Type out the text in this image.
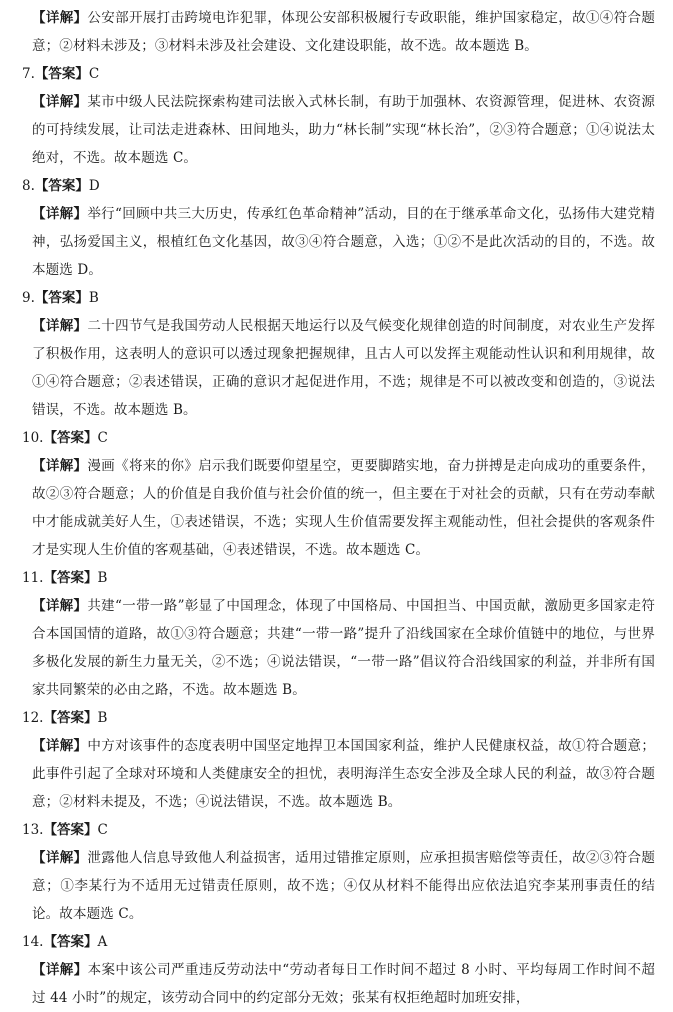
【详解】公安部开展打击跨境电诈犯罪，体现公安部积极履行专政职能，维护国家稳定，故①④符合题意；②材料未涉及；③材料未涉及社会建设、文化建设职能，故不选。故本题选 B。
7.【答案】C
【详解】某市中级人民法院探索构建司法嵌入式林长制，有助于加强林、农资源管理，促进林、农资源的可持续发展，让司法走进森林、田间地头，助力“林长制”实现“林长治”，②③符合题意；①④说法太绝对，不选。故本题选 C。
8.【答案】D
【详解】举行“回顾中共三大历史，传承红色革命精神”活动，目的在于继承革命文化，弘扬伟大建党精神，弘扬爱国主义，根植红色文化基因，故③④符合题意，入选；①②不是此次活动的目的，不选。故本题选 D。
9.【答案】B
【详解】二十四节气是我国劳动人民根据天地运行以及气候变化规律创造的时间制度，对农业生产发挥了积极作用，这表明人的意识可以透过现象把握规律，且古人可以发挥主观能动性认识和利用规律，故①④符合题意；②表述错误，正确的意识才起促进作用，不选；规律是不可以被改变和创造的，③说法错误，不选。故本题选 B。
10.【答案】C
【详解】漫画《将来的你》启示我们既要仰望星空，更要脚踏实地，奋力拼搏是走向成功的重要条件，故②③符合题意；人的价值是自我价值与社会价值的统一，但主要在于对社会的贡献，只有在劳动奉献中才能成就美好人生，①表述错误，不选；实现人生价值需要发挥主观能动性，但社会提供的客观条件才是实现人生价值的客观基础，④表述错误，不选。故本题选 C。
11.【答案】B
【详解】共建“一带一路”彰显了中国理念，体现了中国格局、中国担当、中国贡献，激励更多国家走符合本国国情的道路，故①③符合题意；共建“一带一路”提升了沿线国家在全球价值链中的地位，与世界多极化发展的新生力量无关，②不选；④说法错误，“一带一路”倡议符合沿线国家的利益，并非所有国家共同繁荣的必由之路，不选。故本题选 B。
12.【答案】B
【详解】中方对该事件的态度表明中国坚定地捍卫本国国家利益，维护人民健康权益，故①符合题意；此事件引起了全球对环境和人类健康安全的担忧，表明海洋生态安全涉及全球人民的利益，故③符合题意；②材料未提及，不选；④说法错误，不选。故本题选 B。
13.【答案】C
【详解】泄露他人信息导致他人利益损害，适用过错推定原则，应承担损害赔偿等责任，故②③符合题意；①李某行为不适用无过错责任原则，故不选；④仅从材料不能得出应依法追究李某刑事责任的结论。故本题选 C。
14.【答案】A
【详解】本案中该公司严重违反劳动法中“劳动者每日工作时间不超过 8 小时、平均每周工作时间不超过 44 小时”的规定，该劳动合同中的约定部分无效；张某有权拒绝超时加班安排，
